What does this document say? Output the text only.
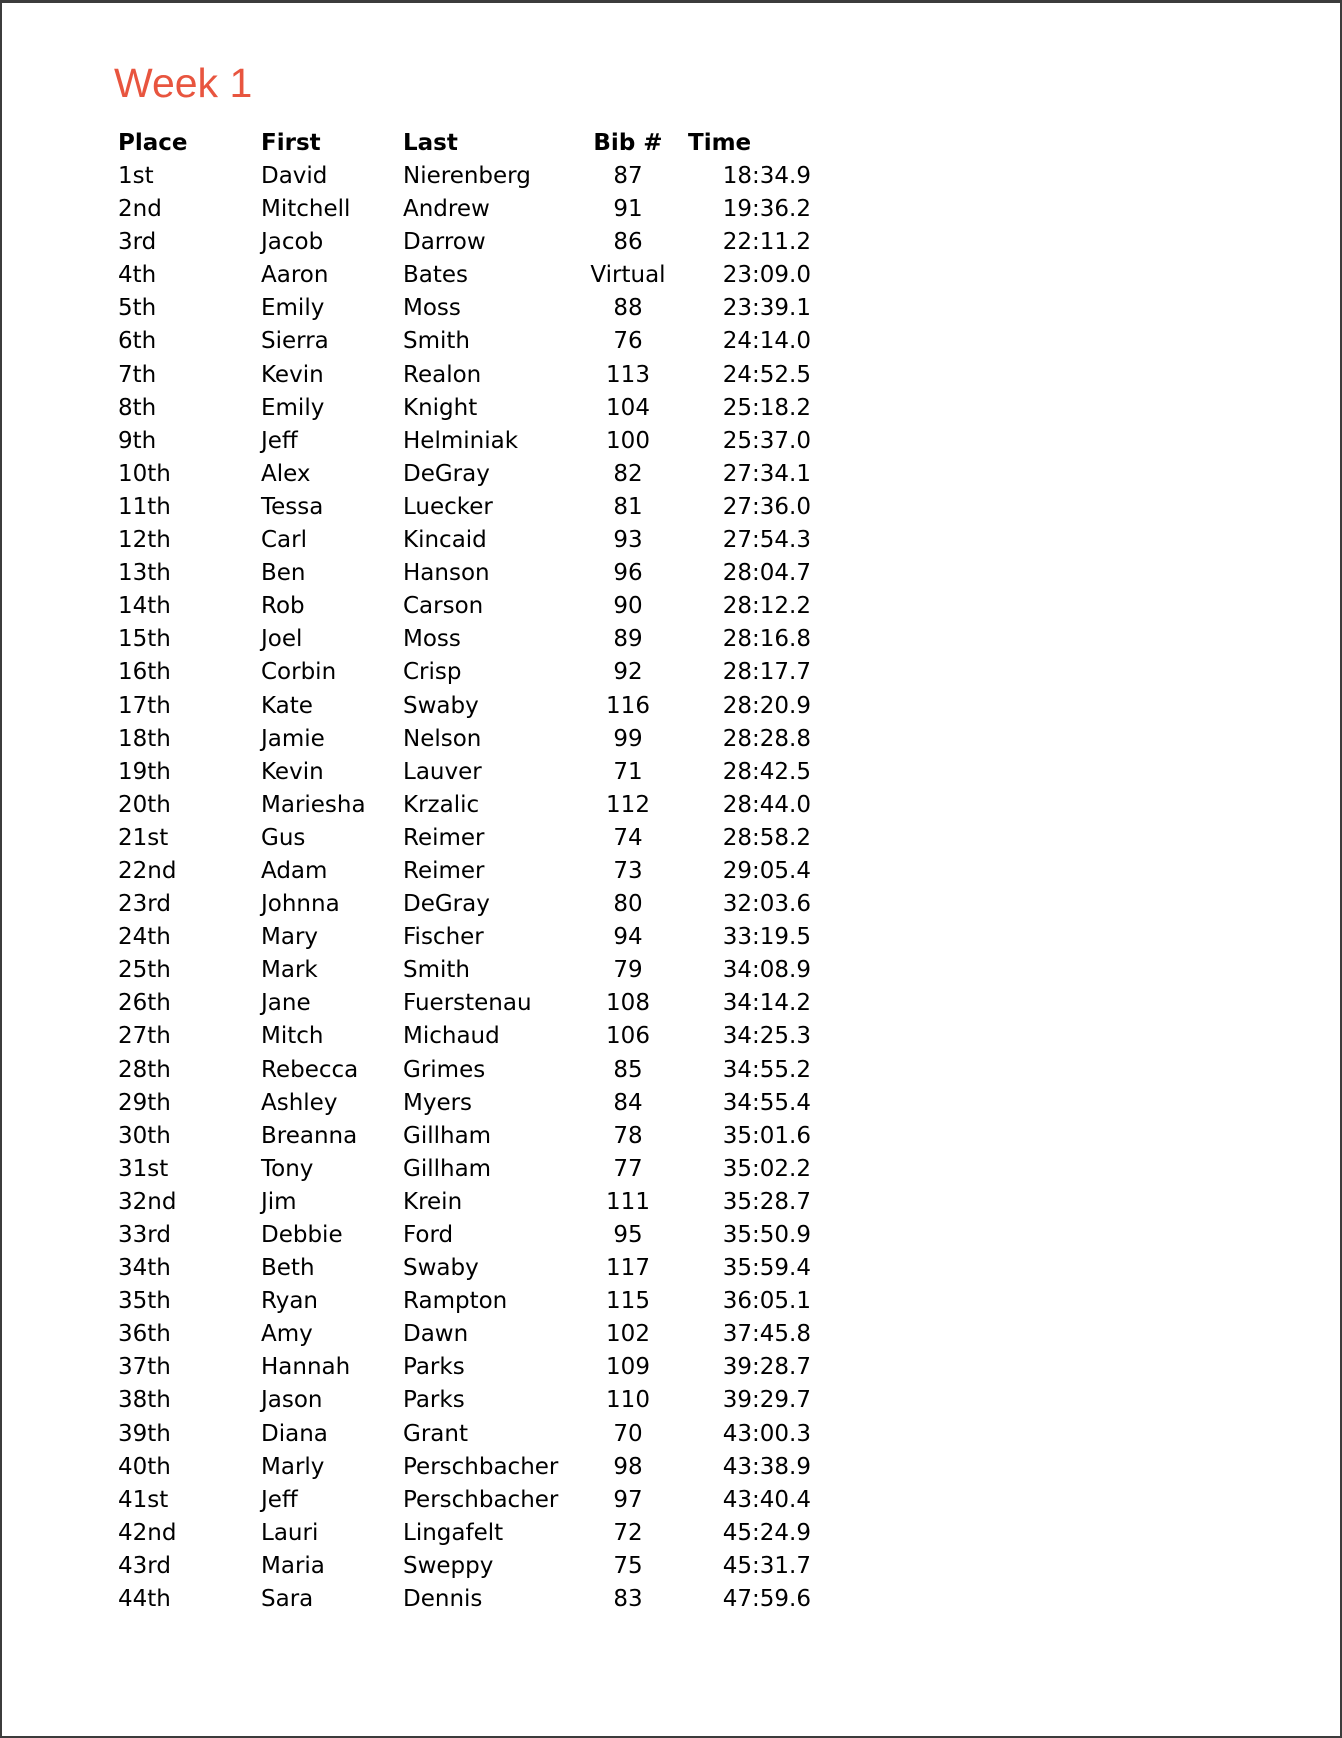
Week 1
Place	First	Last	Bib #	Time
1st	David	Nierenberg	87	18:34.9
2nd	Mitchell	Andrew	91	19:36.2
3rd	Jacob	Darrow	86	22:11.2
4th	Aaron	Bates	Virtual	23:09.0
5th	Emily	Moss	88	23:39.1
6th	Sierra	Smith	76	24:14.0
7th	Kevin	Realon	113	24:52.5
8th	Emily	Knight	104	25:18.2
9th	Jeff	Helminiak	100	25:37.0
10th	Alex	DeGray	82	27:34.1
11th	Tessa	Luecker	81	27:36.0
12th	Carl	Kincaid	93	27:54.3
13th	Ben	Hanson	96	28:04.7
14th	Rob	Carson	90	28:12.2
15th	Joel	Moss	89	28:16.8
16th	Corbin	Crisp	92	28:17.7
17th	Kate	Swaby	116	28:20.9
18th	Jamie	Nelson	99	28:28.8
19th	Kevin	Lauver	71	28:42.5
20th	Mariesha	Krzalic	112	28:44.0
21st	Gus	Reimer	74	28:58.2
22nd	Adam	Reimer	73	29:05.4
23rd	Johnna	DeGray	80	32:03.6
24th	Mary	Fischer	94	33:19.5
25th	Mark	Smith	79	34:08.9
26th	Jane	Fuerstenau	108	34:14.2
27th	Mitch	Michaud	106	34:25.3
28th	Rebecca	Grimes	85	34:55.2
29th	Ashley	Myers	84	34:55.4
30th	Breanna	Gillham	78	35:01.6
31st	Tony	Gillham	77	35:02.2
32nd	Jim	Krein	111	35:28.7
33rd	Debbie	Ford	95	35:50.9
34th	Beth	Swaby	117	35:59.4
35th	Ryan	Rampton	115	36:05.1
36th	Amy	Dawn	102	37:45.8
37th	Hannah	Parks	109	39:28.7
38th	Jason	Parks	110	39:29.7
39th	Diana	Grant	70	43:00.3
40th	Marly	Perschbacher	98	43:38.9
41st	Jeff	Perschbacher	97	43:40.4
42nd	Lauri	Lingafelt	72	45:24.9
43rd	Maria	Sweppy	75	45:31.7
44th	Sara	Dennis	83	47:59.6
